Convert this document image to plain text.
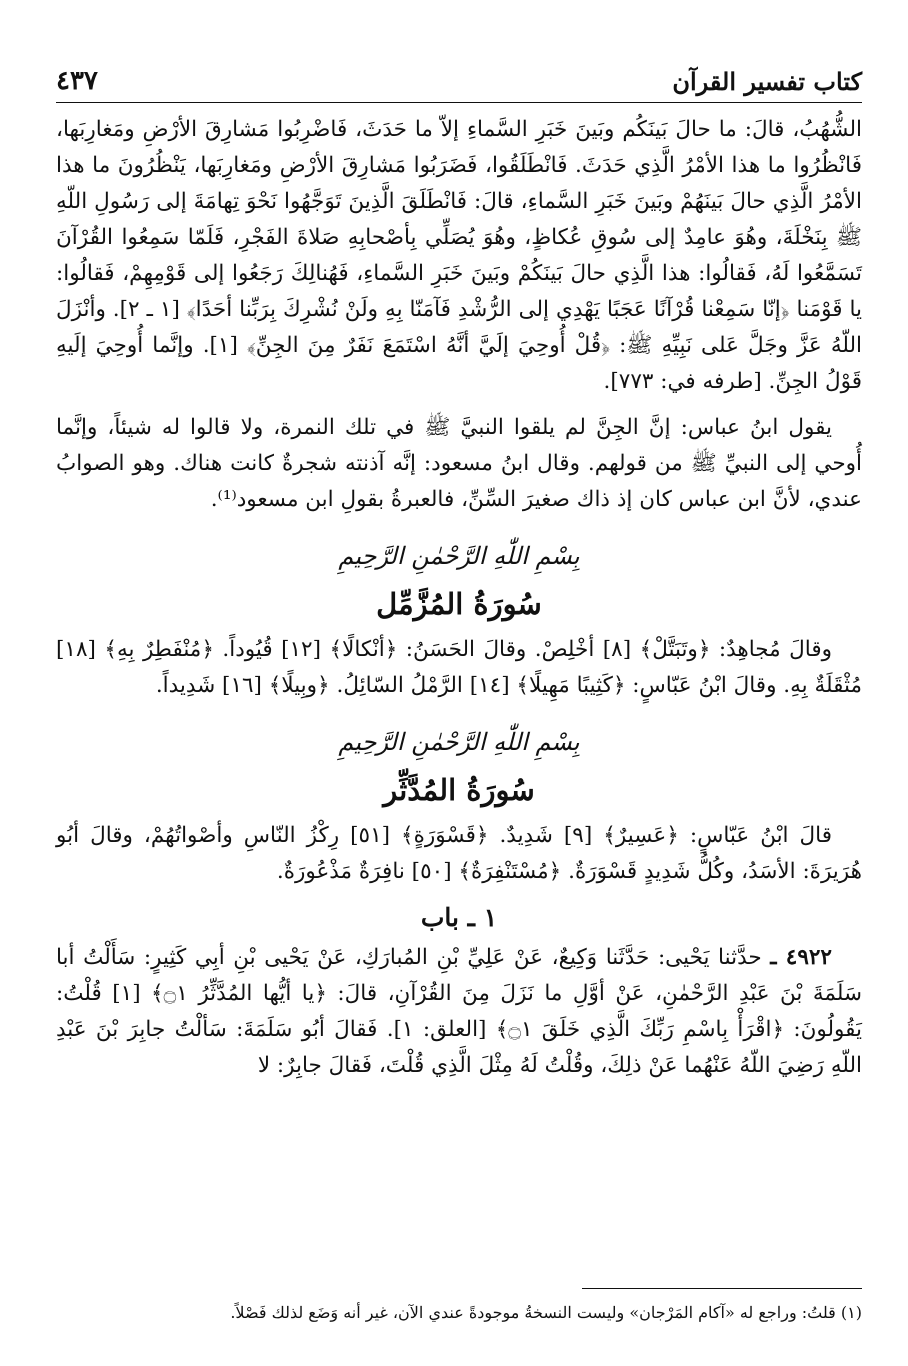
كتاب تفسير القرآن
٤٣٧

الشُّهُبُ، قالَ: ما حالَ بَينَكُم وبَينَ خَبَرِ السَّماءِ إلاّ ما حَدَثَ، فَاضْرِبُوا مَشارِقَ الأرْضِ ومَغارِبَها، فَانْظُرُوا ما هذا الأمْرُ الَّذِي حَدَثَ. فَانْطَلَقُوا، فَضَرَبُوا مَشارِقَ الأرْضِ ومَغارِبَها، يَنْظُرُونَ ما هذا الأمْرُ الَّذِي حالَ بَينَهُمْ وبَينَ خَبَرِ السَّماءِ، قالَ: فَانْطَلَقَ الَّذِينَ تَوَجَّهُوا نَحْوَ تِهامَةَ إلى رَسُولِ اللّهِ ﷺ بِنَخْلَةَ، وهُوَ عامِدٌ إلى سُوقِ عُكاظٍ، وهُوَ يُصَلِّي بِأصْحابِهِ صَلاةَ الفَجْرِ، فَلَمّا سَمِعُوا القُرْآنَ تَسَمَّعُوا لَهُ، فَقالُوا: هذا الَّذِي حالَ بَينَكُمْ وبَينَ خَبَرِ السَّماءِ، فَهُنالِكَ رَجَعُوا إلى قَوْمِهِمْ، فَقالُوا: يا قَوْمَنا ﴿إنّا سَمِعْنا قُرْآنًا عَجَبًا يَهْدِي إلى الرُّشْدِ فَآمَنّا بِهِ ولَنْ نُشْرِكَ بِرَبِّنا أحَدًا﴾ [١ ـ ٢]. وأنْزَلَ اللّهُ عَزَّ وجَلَّ عَلى نَبِيِّهِ ﷺ: ﴿قُلْ أُوحِيَ إلَيَّ أنَّهُ اسْتَمَعَ نَفَرٌ مِنَ الجِنِّ﴾ [١]. وإنَّما أُوحِيَ إلَيهِ قَوْلُ الجِنِّ. [طرفه في: ٧٧٣].

يقول ابنُ عباس: إنَّ الجِنَّ لم يلقوا النبيَّ ﷺ في تلك النمرة، ولا قالوا له شيئاً، وإنَّما أُوحي إلى النبيِّ ﷺ من قولهم. وقال ابنُ مسعود: إنَّه آذنته شجرةٌ كانت هناك. وهو الصوابُ عندي، لأنَّ ابن عباس كان إذ ذاك صغيرَ السِّنِّ، فالعبرةُ بقولِ ابن مسعود⁽¹⁾.

بِسْمِ اللّٰهِ الرَّحْمٰنِ الرَّحِيمِ
سُورَةُ المُزَّمِّل

وقالَ مُجاهِدٌ: ﴿وتَبَتَّلْ﴾ [٨] أخْلِصْ. وقالَ الحَسَنُ: ﴿أنْكالًا﴾ [١٢] قُيُوداً. ﴿مُنْفَطِرٌ بِهِ﴾ [١٨] مُثْقَلَةٌ بِهِ. وقالَ ابْنُ عَبّاسٍ: ﴿كَثِيبًا مَهِيلًا﴾ [١٤] الرَّمْلُ السّائِلُ. ﴿وبِيلًا﴾ [١٦] شَدِيداً.

بِسْمِ اللّٰهِ الرَّحْمٰنِ الرَّحِيمِ
سُورَةُ المُدَّثِّر

قالَ ابْنُ عَبّاسٍ: ﴿عَسِيرٌ﴾ [٩] شَدِيدٌ. ﴿قَسْوَرَةٍ﴾ [٥١] رِكْزُ النّاسِ وأصْواتُهُمْ، وقالَ أبُو هُرَيرَةَ: الأسَدُ، وكُلُّ شَدِيدٍ قَسْوَرَةٌ. ﴿مُسْتَنْفِرَةٌ﴾ [٥٠] نافِرَةٌ مَذْعُورَةٌ.

١ ـ باب

٤٩٢٢ ـ حدَّثنا يَحْيى: حَدَّثَنا وَكِيعٌ، عَنْ عَلِيِّ بْنِ المُبارَكِ، عَنْ يَحْيى بْنِ أبِي كَثِيرٍ: سَأَلْتُ أبا سَلَمَةَ بْنَ عَبْدِ الرَّحْمٰنِ، عَنْ أوَّلِ ما نَزَلَ مِنَ القُرْآنِ، قالَ: ﴿يا أيُّها المُدَّثِّرُ ۝١﴾ [١] قُلْتُ: يَقُولُونَ: ﴿اقْرَأْ بِاسْمِ رَبِّكَ الَّذِي خَلَقَ ۝١﴾ [العلق: ١]. فَقالَ أبُو سَلَمَةَ: سَألْتُ جابِرَ بْنَ عَبْدِ اللّهِ رَضِيَ اللّهُ عَنْهُما عَنْ ذلِكَ، وقُلْتُ لَهُ مِثْلَ الَّذِي قُلْتَ، فَقالَ جابِرٌ: لا

(١) قلتُ: وراجع له «آكام المَرْجان» وليست النسخةُ موجودةً عندي الآن، غير أنه وَضَع لذلك فَصْلاً.
